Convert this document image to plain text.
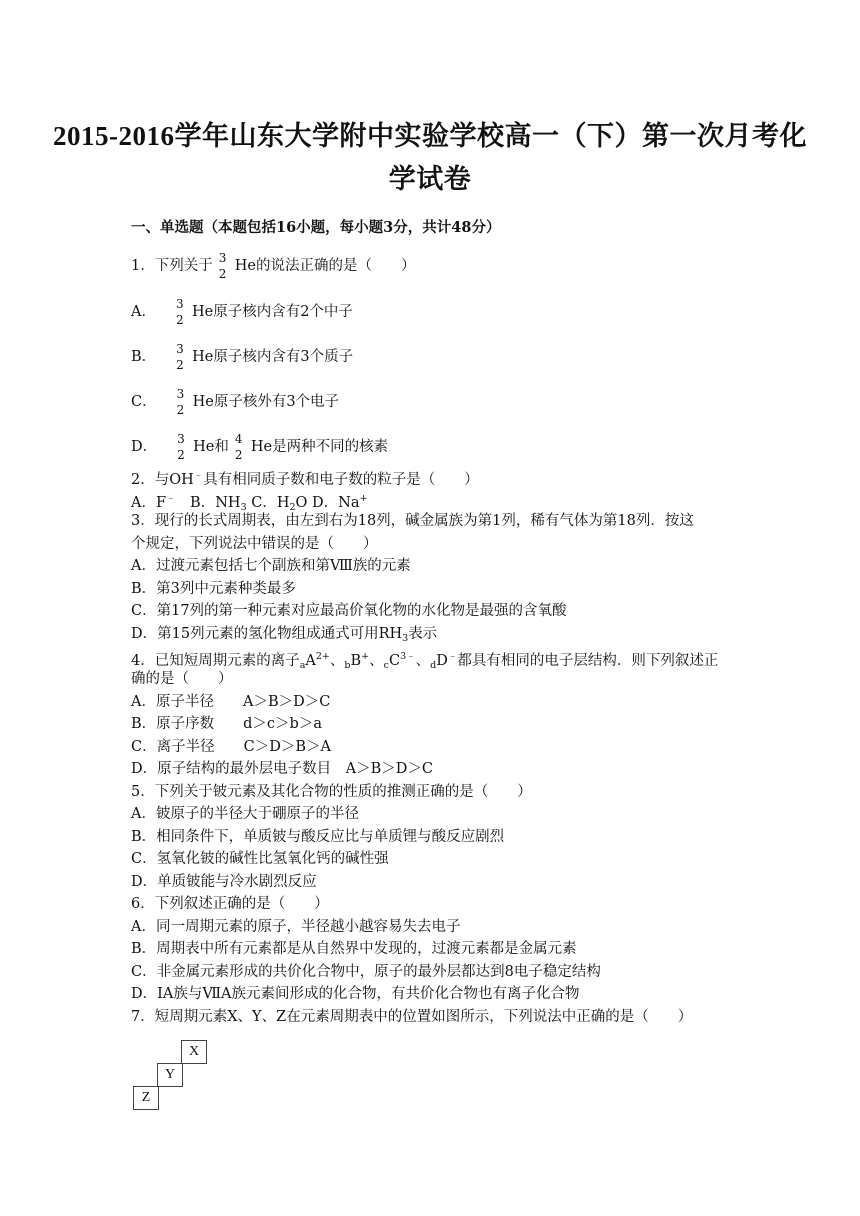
2015-2016学年山东大学附中实验学校高一（下）第一次月考化
学试卷
一、单选题（本题包括16小题，每小题3分，共计48分）
1．下列关于 3
2 He的说法正确的是（　　）
A． 3
2 He原子核内含有2个中子
B． 3
2 He原子核内含有3个质子
C． 3
2 He原子核外有3个电子
D． 3
2 He和 4
2 He是两种不同的核素
2．与OH﹣具有相同质子数和电子数的粒子是（　　）
A．F﹣　B．$NH_3$ C．$H_2O$ D．Na+
3．现行的长式周期表，由左到右为18列，碱金属族为第1列，稀有气体为第18列．按这
个规定，下列说法中错误的是（　　）
A．过渡元素包括七个副族和第Ⅷ族的元素
B．第3列中元素种类最多
C．第17列的第一种元素对应最高价氧化物的水化物是最强的含氧酸
D．第15列元素的氢化物组成通式可用$RH_3$表示
4．已知短周期元素的离子$_aA^{2+}$、$_b$B+、$_cC^{3﹣}$、$_d$D﹣都具有相同的电子层结构．则下列叙述正
确的是（　　）
A．原子半径　　A＞B＞D＞C
B．原子序数　　d＞c＞b＞a
C．离子半径　　C＞D＞B＞A
D．原子结构的最外层电子数目　A＞B＞D＞C
5．下列关于铍元素及其化合物的性质的推测正确的是（　　）
A．铍原子的半径大于硼原子的半径
B．相同条件下，单质铍与酸反应比与单质锂与酸反应剧烈
C．氢氧化铍的碱性比氢氧化钙的碱性强
D．单质铍能与冷水剧烈反应
6．下列叙述正确的是（　　）
A．同一周期元素的原子，半径越小越容易失去电子
B．周期表中所有元素都是从自然界中发现的，过渡元素都是金属元素
C．非金属元素形成的共价化合物中，原子的最外层都达到8电子稳定结构
D．IA族与ⅦA族元素间形成的化合物，有共价化合物也有离子化合物
7．短周期元素X、Y、Z在元素周期表中的位置如图所示，下列说法中正确的是（　　）
X
Y
Z
